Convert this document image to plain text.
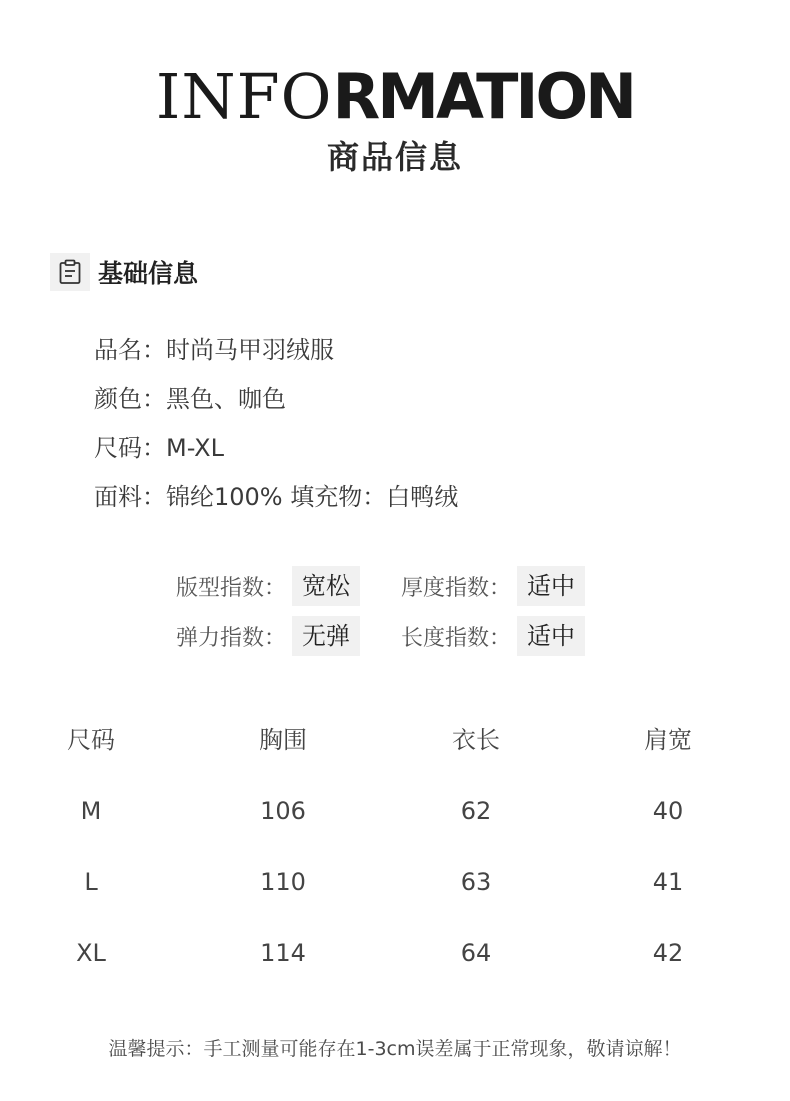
INFORMATION
商品信息
基础信息
品名：时尚马甲羽绒服
颜色：黑色、咖色
尺码：M-XL
面料：锦纶100% 填充物：白鸭绒
版型指数： 宽松	厚度指数： 适中
弹力指数： 无弹	长度指数： 适中
尺码	胸围	衣长	肩宽
M	106	62	40
L	110	63	41
XL	114	64	42
温馨提示：手工测量可能存在1-3cm误差属于正常现象，敬请谅解！
